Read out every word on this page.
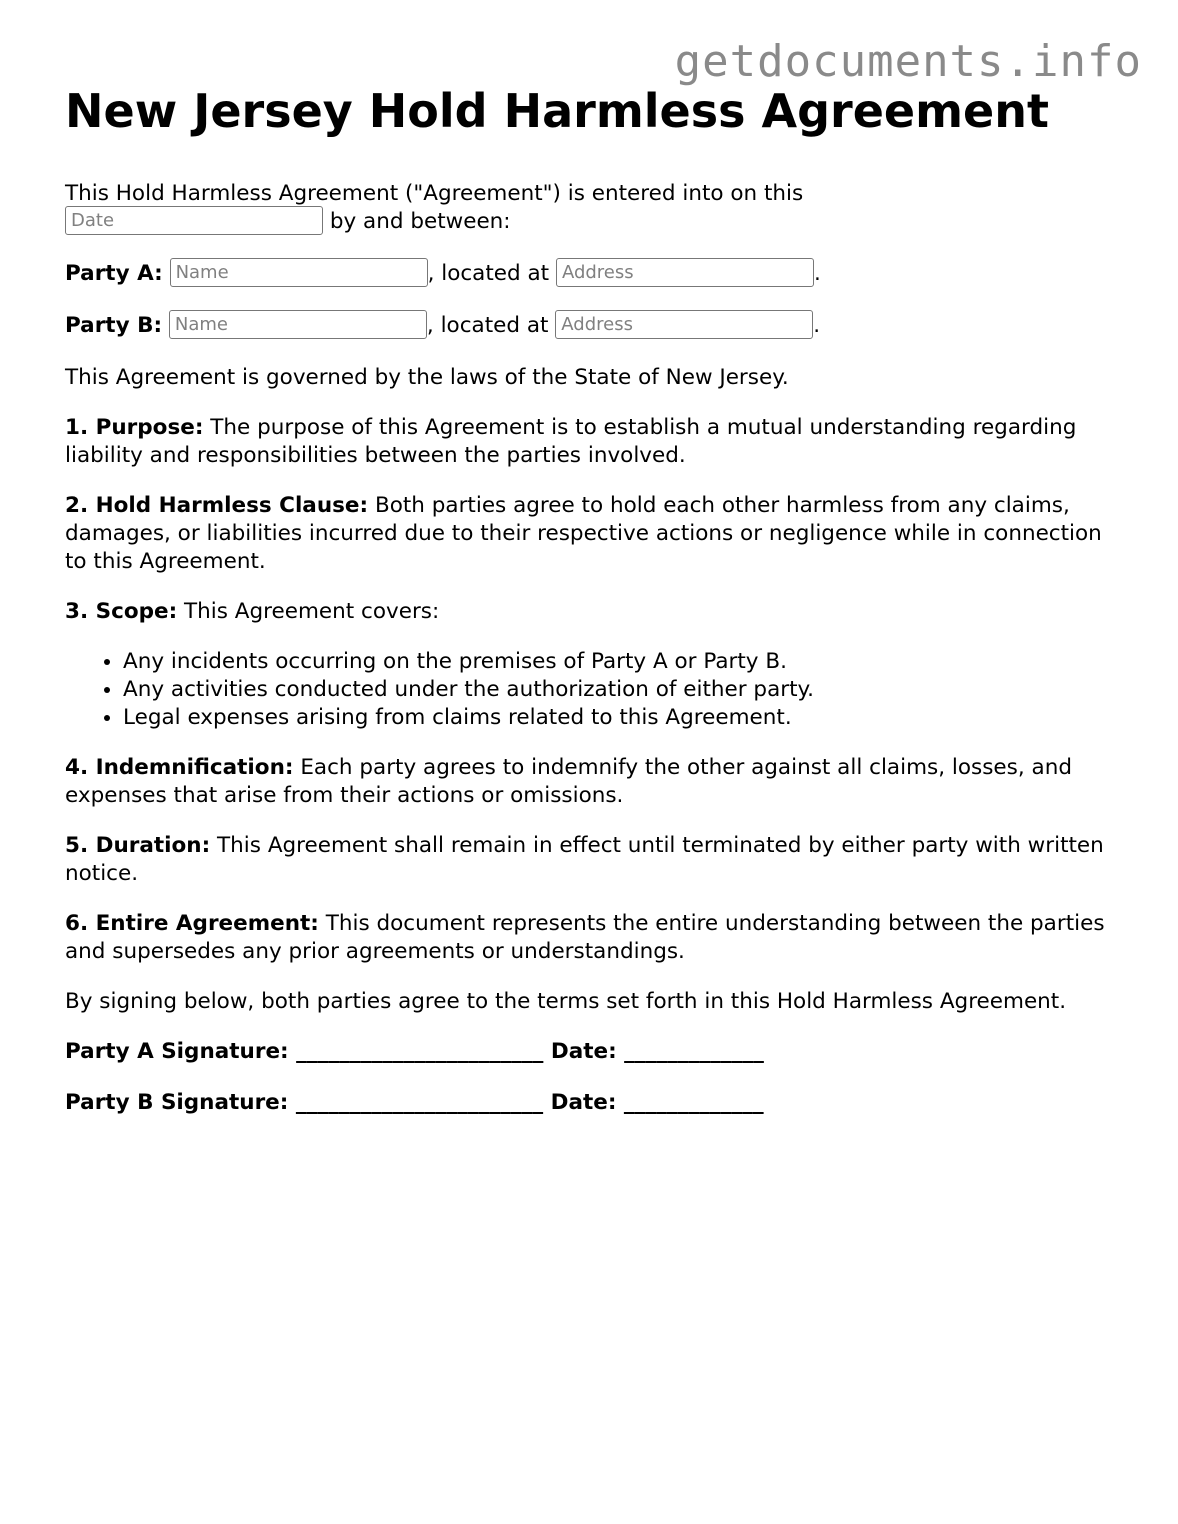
getdocuments.info
New Jersey Hold Harmless Agreement

This Hold Harmless Agreement ("Agreement") is entered into on this
Date by and between:

Party A: Name	, located at Address	.

Party B: Name	, located at Address	.

This Agreement is governed by the laws of the State of New Jersey.

1. Purpose: The purpose of this Agreement is to establish a mutual understanding regarding liability and responsibilities between the parties involved.

2. Hold Harmless Clause: Both parties agree to hold each other harmless from any claims, damages, or liabilities incurred due to their respective actions or negligence while in connection to this Agreement.

3. Scope: This Agreement covers:

• Any incidents occurring on the premises of Party A or Party B.
• Any activities conducted under the authorization of either party.
• Legal expenses arising from claims related to this Agreement.

4. Indemnification: Each party agrees to indemnify the other against all claims, losses, and expenses that arise from their actions or omissions.

5. Duration: This Agreement shall remain in effect until terminated by either party with written notice.

6. Entire Agreement: This document represents the entire understanding between the parties and supersedes any prior agreements or understandings.

By signing below, both parties agree to the terms set forth in this Hold Harmless Agreement.

Party A Signature: _______________________ Date: _____________

Party B Signature: _______________________ Date: _____________
